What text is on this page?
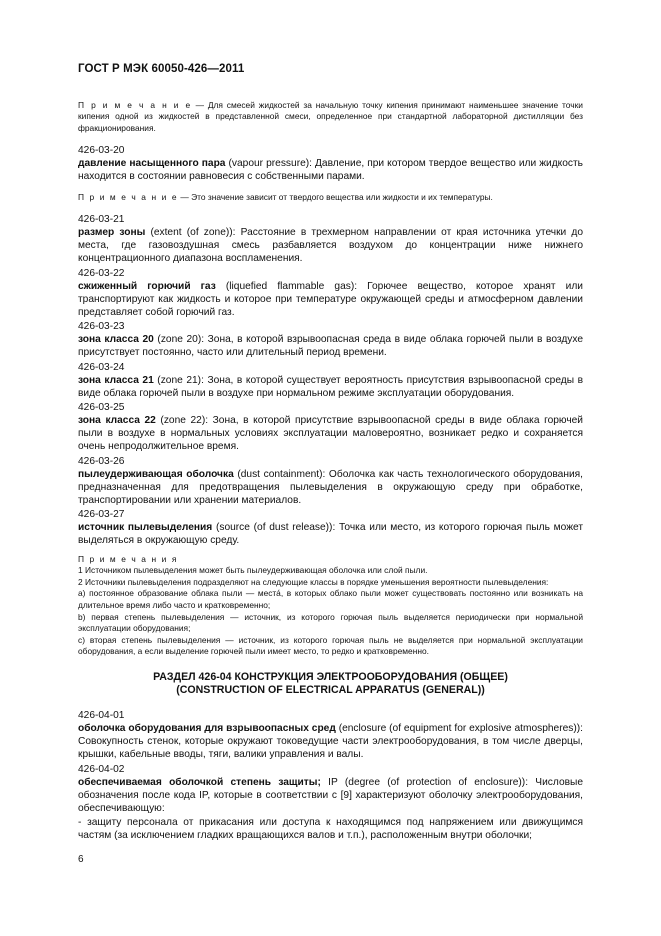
ГОСТ Р МЭК 60050-426—2011

П р и м е ч а н и е — Для смесей жидкостей за начальную точку кипения принимают наименьшее значение точки кипения одной из жидкостей в представленной смеси, определенное при стандартной лабораторной дистилляции без фракционирования.

426-03-20

давление насыщенного пара (vapour pressure): Давление, при котором твердое вещество или жидкость находится в состоянии равновесия с собственными парами.

П р и м е ч а н и е — Это значение зависит от твердого вещества или жидкости и их температуры.

426-03-21

размер зоны (extent (of zone)): Расстояние в трехмерном направлении от края источника утечки до места, где газовоздушная смесь разбавляется воздухом до концентрации ниже нижнего концентрационного диапазона воспламенения.

426-03-22

сжиженный горючий газ (liquefied flammable gas): Горючее вещество, которое хранят или транспортируют как жидкость и которое при температуре окружающей среды и атмосферном давлении представляет собой горючий газ.

426-03-23

зона класса 20 (zone 20): Зона, в которой взрывоопасная среда в виде облака горючей пыли в воздухе присутствует постоянно, часто или длительный период времени.

426-03-24

зона класса 21 (zone 21): Зона, в которой существует вероятность присутствия взрывоопасной среды в виде облака горючей пыли в воздухе при нормальном режиме эксплуатации оборудования.

426-03-25

зона класса 22 (zone 22): Зона, в которой присутствие взрывоопасной среды в виде облака горючей пыли в воздухе в нормальных условиях эксплуатации маловероятно, возникает редко и сохраняется очень непродолжительное время.

426-03-26

пылеудерживающая оболочка (dust containment): Оболочка как часть технологического оборудования, предназначенная для предотвращения пылевыделения в окружающую среду при обработке, транспортировании или хранении материалов.

426-03-27

источник пылевыделения (source (of dust release)): Точка или место, из которого горючая пыль может выделяться в окружающую среду.

П р и м е ч а н и я

1 Источником пылевыделения может быть пылеудерживающая оболочка или слой пыли.

2 Источники пылевыделения подразделяют на следующие классы в порядке уменьшения вероятности пылевыделения:

а) постоянное образование облака пыли — места́, в которых облако пыли может существовать постоянно или возникать на длительное время либо часто и кратковременно;

b) первая степень пылевыделения — источник, из которого горючая пыль выделяется периодически при нормальной эксплуатации оборудования;

с) вторая степень пылевыделения — источник, из которого горючая пыль не выделяется при нормальной эксплуатации оборудования, а если выделение горючей пыли имеет место, то редко и кратковременно.

РАЗДЕЛ 426-04 КОНСТРУКЦИЯ ЭЛЕКТРООБОРУДОВАНИЯ (ОБЩЕЕ)
(CONSTRUCTION OF ELECTRICAL APPARATUS (GENERAL))

426-04-01

оболочка оборудования для взрывоопасных сред (enclosure (of equipment for explosive atmospheres)): Совокупность стенок, которые окружают токоведущие части электрооборудования, в том числе дверцы, крышки, кабельные вводы, тяги, валики управления и валы.

426-04-02

обеспечиваемая оболочкой степень защиты; IP (degree (of protection of enclosure)): Числовые обозначения после кода IP, которые в соответствии с [9] характеризуют оболочку электрооборудования, обеспечивающую:

- защиту персонала от прикасания или доступа к находящимся под напряжением или движущимся частям (за исключением гладких вращающихся валов и т.п.), расположенным внутри оболочки;

6
